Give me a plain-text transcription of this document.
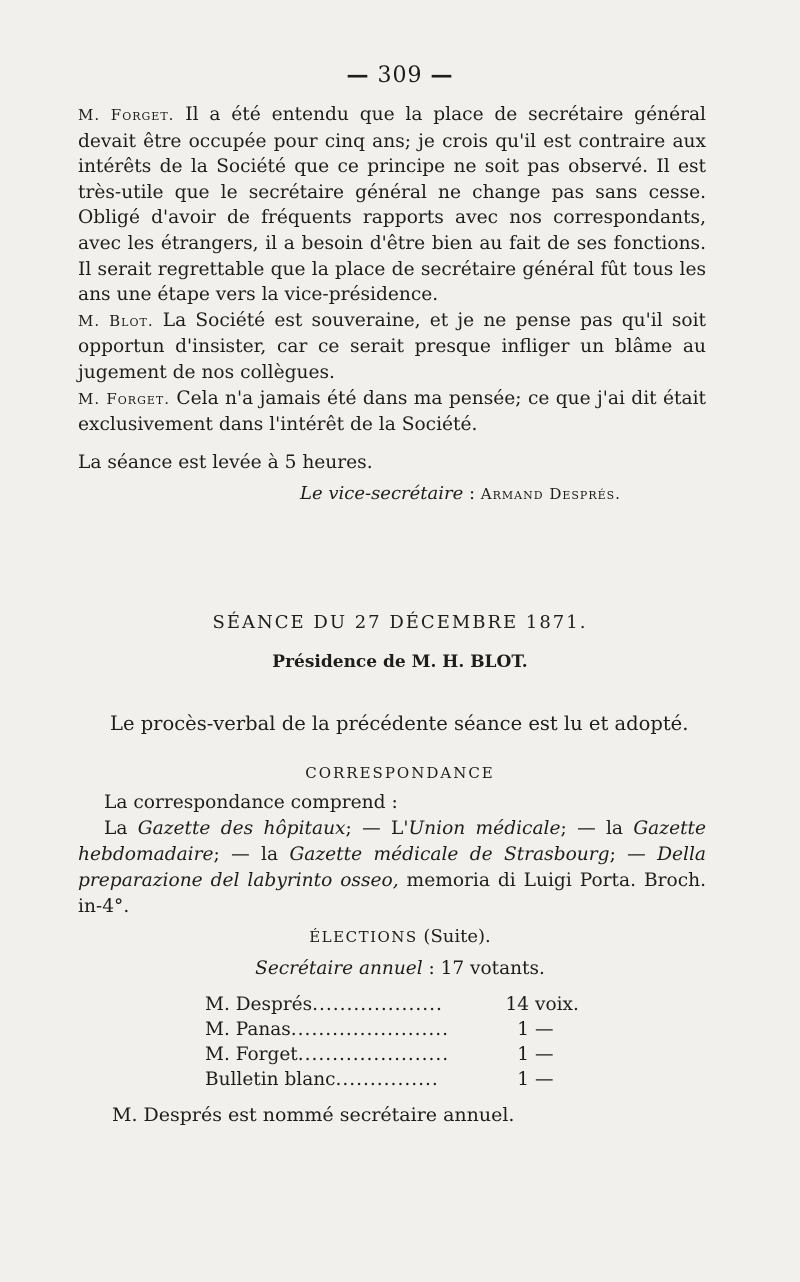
— 309 —

M. Forget. Il a été entendu que la place de secrétaire général devait être occupée pour cinq ans; je crois qu'il est contraire aux intérêts de la Société que ce principe ne soit pas observé. Il est très-utile que le secrétaire général ne change pas sans cesse. Obligé d'avoir de fréquents rapports avec nos correspondants, avec les étrangers, il a besoin d'être bien au fait de ses fonctions. Il serait regrettable que la place de secrétaire général fût tous les ans une étape vers la vice-présidence.

M. Blot. La Société est souveraine, et je ne pense pas qu'il soit opportun d'insister, car ce serait presque infliger un blâme au jugement de nos collègues.

M. Forget. Cela n'a jamais été dans ma pensée; ce que j'ai dit était exclusivement dans l'intérêt de la Société.

La séance est levée à 5 heures.

Le vice-secrétaire : Armand Després.
SÉANCE DU 27 DÉCEMBRE 1871.
Présidence de M. H. BLOT.
Le procès-verbal de la précédente séance est lu et adopté.
CORRESPONDANCE

La correspondance comprend :

La Gazette des hôpitaux; — L'Union médicale; — la Gazette hebdomadaire; — la Gazette médicale de Strasbourg; — Della preparazione del labyrinto osseo, memoria di Luigi Porta. Broch. in-4°.

ÉLECTIONS (Suite).
Secrétaire annuel : 17 votants.
M. Després ...................	14 voix.
M. Panas .......................	1 —
M. Forget ......................	1 —
Bulletin blanc ...............	1 —
M. Després est nommé secrétaire annuel.
